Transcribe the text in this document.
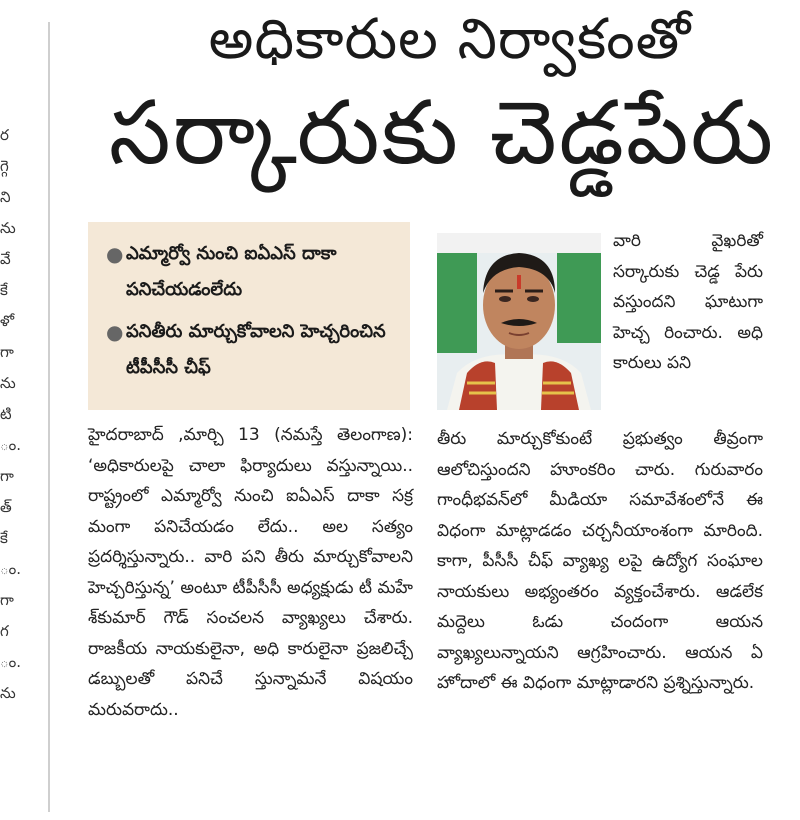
ర
గ్గె
ని
ను
వే
కే
ళో
గా
ను
టి
ం.
గా
త్
కే
ం.
గా
గ
ం.
ను
అధికారుల నిర్వాకంతో
సర్కారుకు చెడ్డపేరు
● ఎమ్మార్వో నుంచి ఐఏఎస్ దాకా పనిచేయడంలేదు
● పనితీరు మార్చుకోవాలని హెచ్చరించిన టీపీసీసీ చీఫ్

హైదరాబాద్ ,మార్చి 13 (నమస్తే తెలంగాణ): ‘అధికారులపై చాలా ఫిర్యాదులు వస్తున్నాయి.. రాష్ట్రంలో ఎమ్మార్వో నుంచి ఐఏఎస్ దాకా సక్ర మంగా పనిచేయడం లేదు.. అల సత్యం ప్రదర్శిస్తున్నారు.. వారి పని తీరు మార్చుకోవాలని హెచ్చరిస్తున్న’ అంటూ టీపీసీసీ అధ్యక్షుడు టీ మహే శ్‌కుమార్ గౌడ్ సంచలన వ్యాఖ్యలు చేశారు. రాజకీయ నాయకులైనా, అధి కారులైనా ప్రజలిచ్చే డబ్బులతో పనిచే స్తున్నామనే విషయం మరువరాదు..

వారి వైఖరితో సర్కారుకు చెడ్డ పేరు వస్తుందని ఘాటుగా హెచ్చ రించారు. అధి కారులు పని

తీరు మార్చుకోకుంటే ప్రభుత్వం తీవ్రంగా ఆలోచిస్తుందని హూంకరిం చారు. గురువారం గాంధీభవన్‌లో మీడియా సమావేశంలోనే ఈ విధంగా మాట్లాడడం చర్చనీయాంశంగా మారింది. కాగా, పీసీసీ చీఫ్ వ్యాఖ్య లపై ఉద్యోగ సంఘాల నాయకులు అభ్యంతరం వ్యక్తంచేశారు. ఆడలేక మద్దెలు ఓడు చందంగా ఆయన వ్యాఖ్యలున్నాయని ఆగ్రహించారు. ఆయన ఏ హోదాలో ఈ విధంగా మాట్లాడారని ప్రశ్నిస్తున్నారు.
